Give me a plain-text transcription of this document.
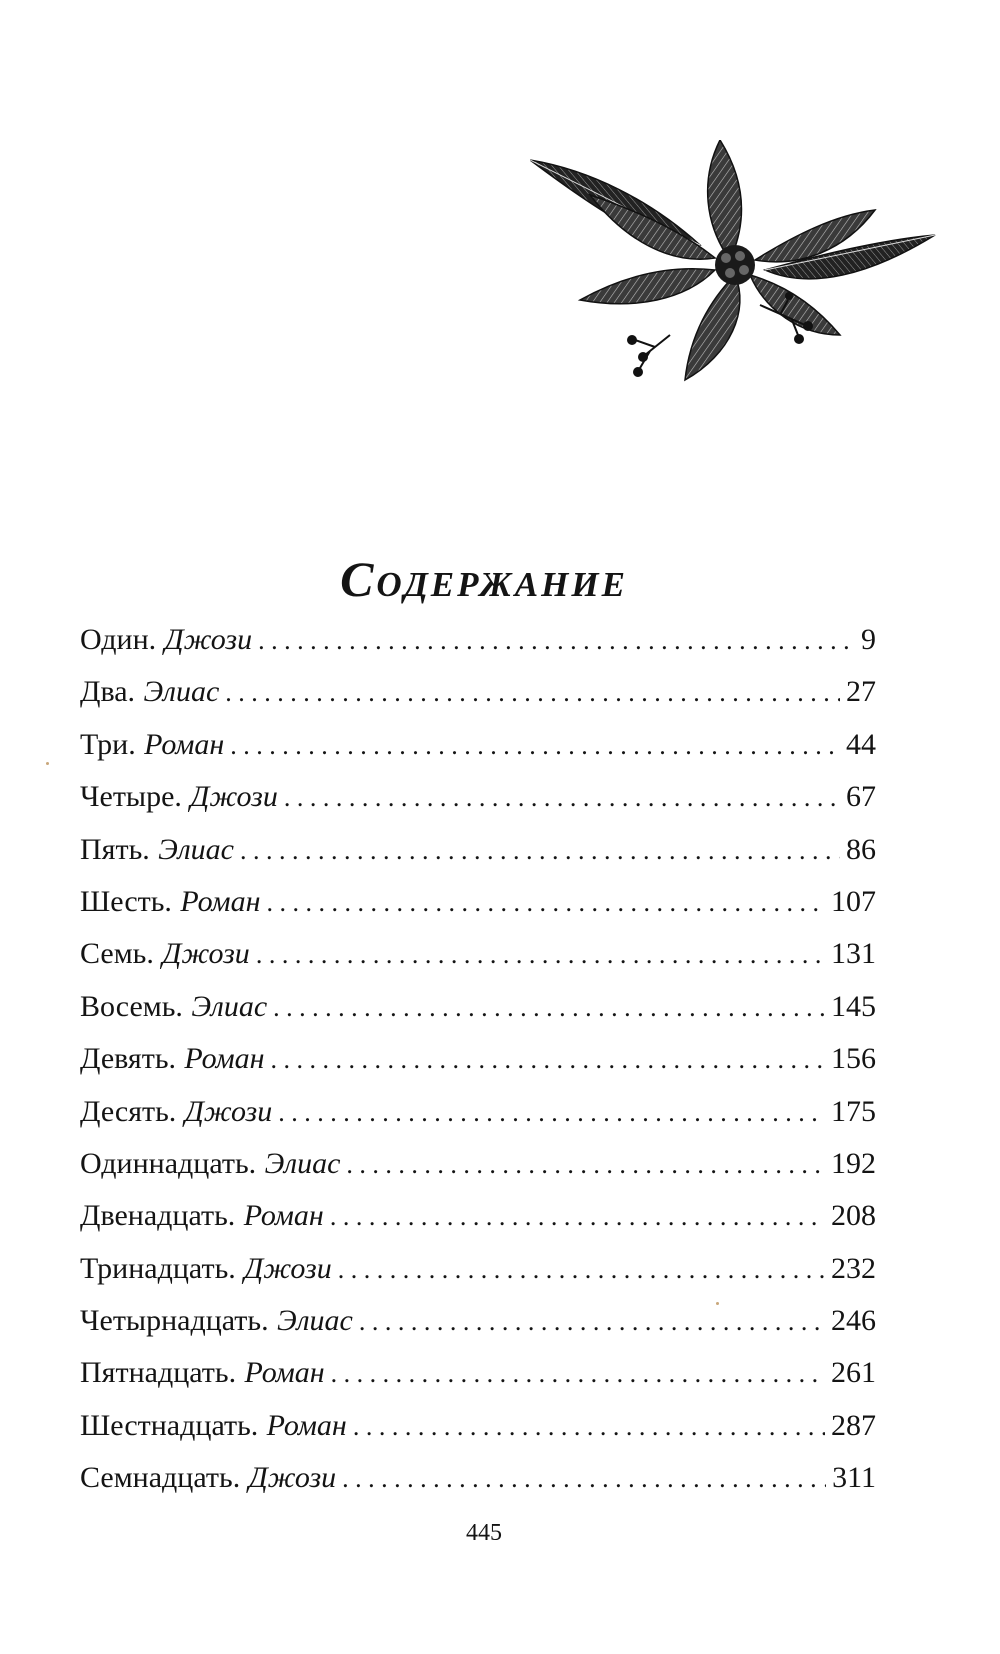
Содержание
Один. Джози . . .	9
Два. Элиас . . .	27
Три. Роман . . .	44
Четыре. Джози . . .	67
Пять. Элиас . . .	86
Шесть. Роман . . .	107
Семь. Джози . . .	131
Восемь. Элиас . . .	145
Девять. Роман . . .	156
Десять. Джози . . .	175
Одиннадцать. Элиас . . .	192
Двенадцать. Роман . . .	208
Тринадцать. Джози . . .	232
Четырнадцать. Элиас . . .	246
Пятнадцать. Роман . . .	261
Шестнадцать. Роман . . .	287
Семнадцать. Джози . . .	311
445
